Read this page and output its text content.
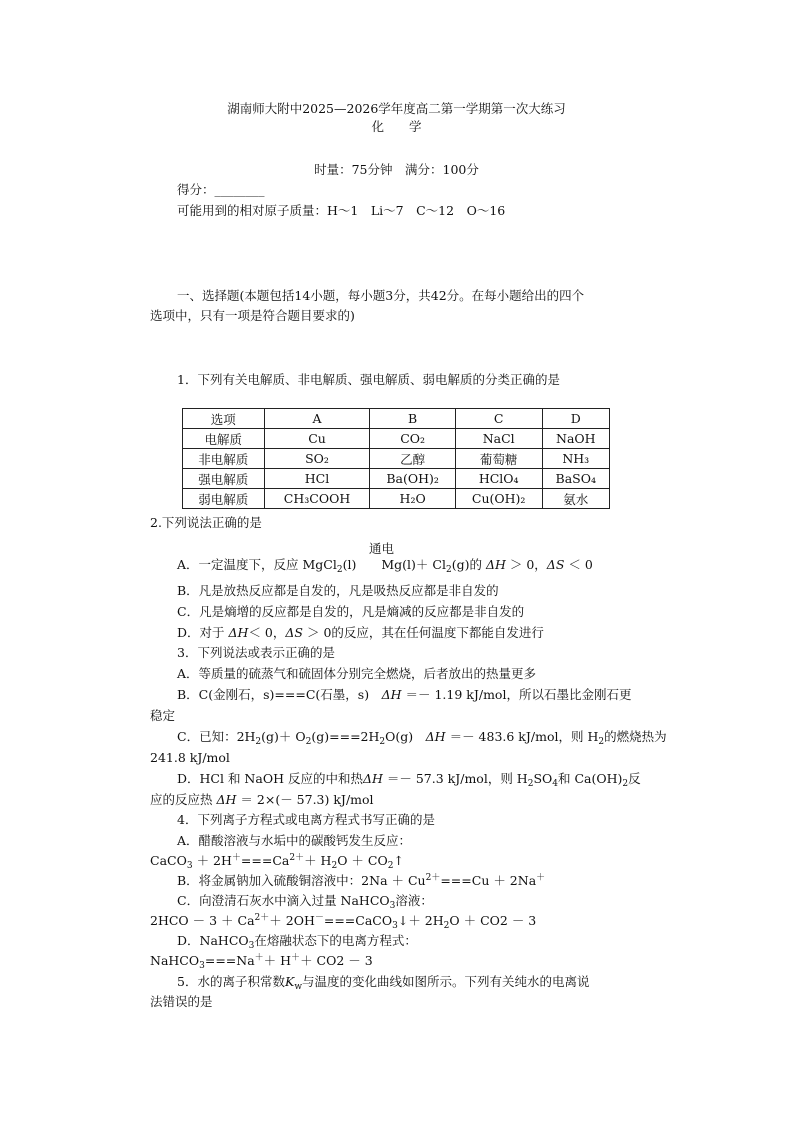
湖南师大附中2025—2026学年度高二第一学期第一次大练习
化　　学
时量：75分钟　满分：100分
得分：________
可能用到的相对原子质量：H～1　Li～7　C～12　O～16
一、选择题(本题包括14小题，每小题3分，共42分。在每小题给出的四个
选项中，只有一项是符合题目要求的)
1．下列有关电解质、非电解质、强电解质、弱电解质的分类正确的是
选项	A	B	C	D
电解质	Cu	CO₂	NaCl	NaOH
非电解质	SO₂	乙醇	葡萄糖	NH₃
强电解质	HCl	Ba(OH)₂	HClO₄	BaSO₄
弱电解质	CH₃COOH	H₂O	Cu(OH)₂	氨水
2.下列说法正确的是
通电
A．一定温度下，反应 MgCl$_2$(l)　　$Mg(l)+ Cl_2(g)$的 ΔH ＞ 0，ΔS ＜ 0
B．凡是放热反应都是自发的，凡是吸热反应都是非自发的
C．凡是熵增的反应都是自发的，凡是熵减的反应都是非自发的
D．对于 ΔH＜ 0，ΔS ＞ 0的反应，其在任何温度下都能自发进行
3．下列说法或表示正确的是
A．等质量的硫蒸气和硫固体分别完全燃烧，后者放出的热量更多
B．C(金刚石，s)===C(石墨，s)　ΔH ＝－ 1.19 kJ/mol，所以石墨比金刚石更
稳定
C．已知：$2H_2(g)+ O_2(g)===2H_2O(g)$　ΔH ＝－ 483.6 kJ/mol，则 $H_2$的燃烧热为
241.8 kJ/mol
D．HCl 和 NaOH 反应的中和热ΔH ＝－ 57.3 kJ/mol，则 $H_2SO_4$和 $Ca(OH)_2$反
应的反应热 ΔH ＝ 2×(－ 57.3) kJ/mol
4．下列离子方程式或电离方程式书写正确的是
A．醋酸溶液与水垢中的碳酸钙发生反应：
CaCO$_3$ ＋ $2H^+===Ca^{2+}+ H_2O$ ＋ $CO_2↑$
B．将金属钠加入硫酸铜溶液中：$2Na + Cu^{2+}===Cu + 2Na^+$
C．向澄清石灰水中滴入过量 NaHCO$_3$溶液：
$2HCO - 3 + Ca^{2+}+$ 2OH－===CaCO$_3$↓＋ $2H_2O + CO2 - 3$
D．NaHCO$_3$在熔融状态下的电离方程式：
NaHCO$_3$===Na＋＋ H＋＋ CO2 － 3
5．水的离子积常数$K_w$与温度的变化曲线如图所示。下列有关纯水的电离说
法错误的是
